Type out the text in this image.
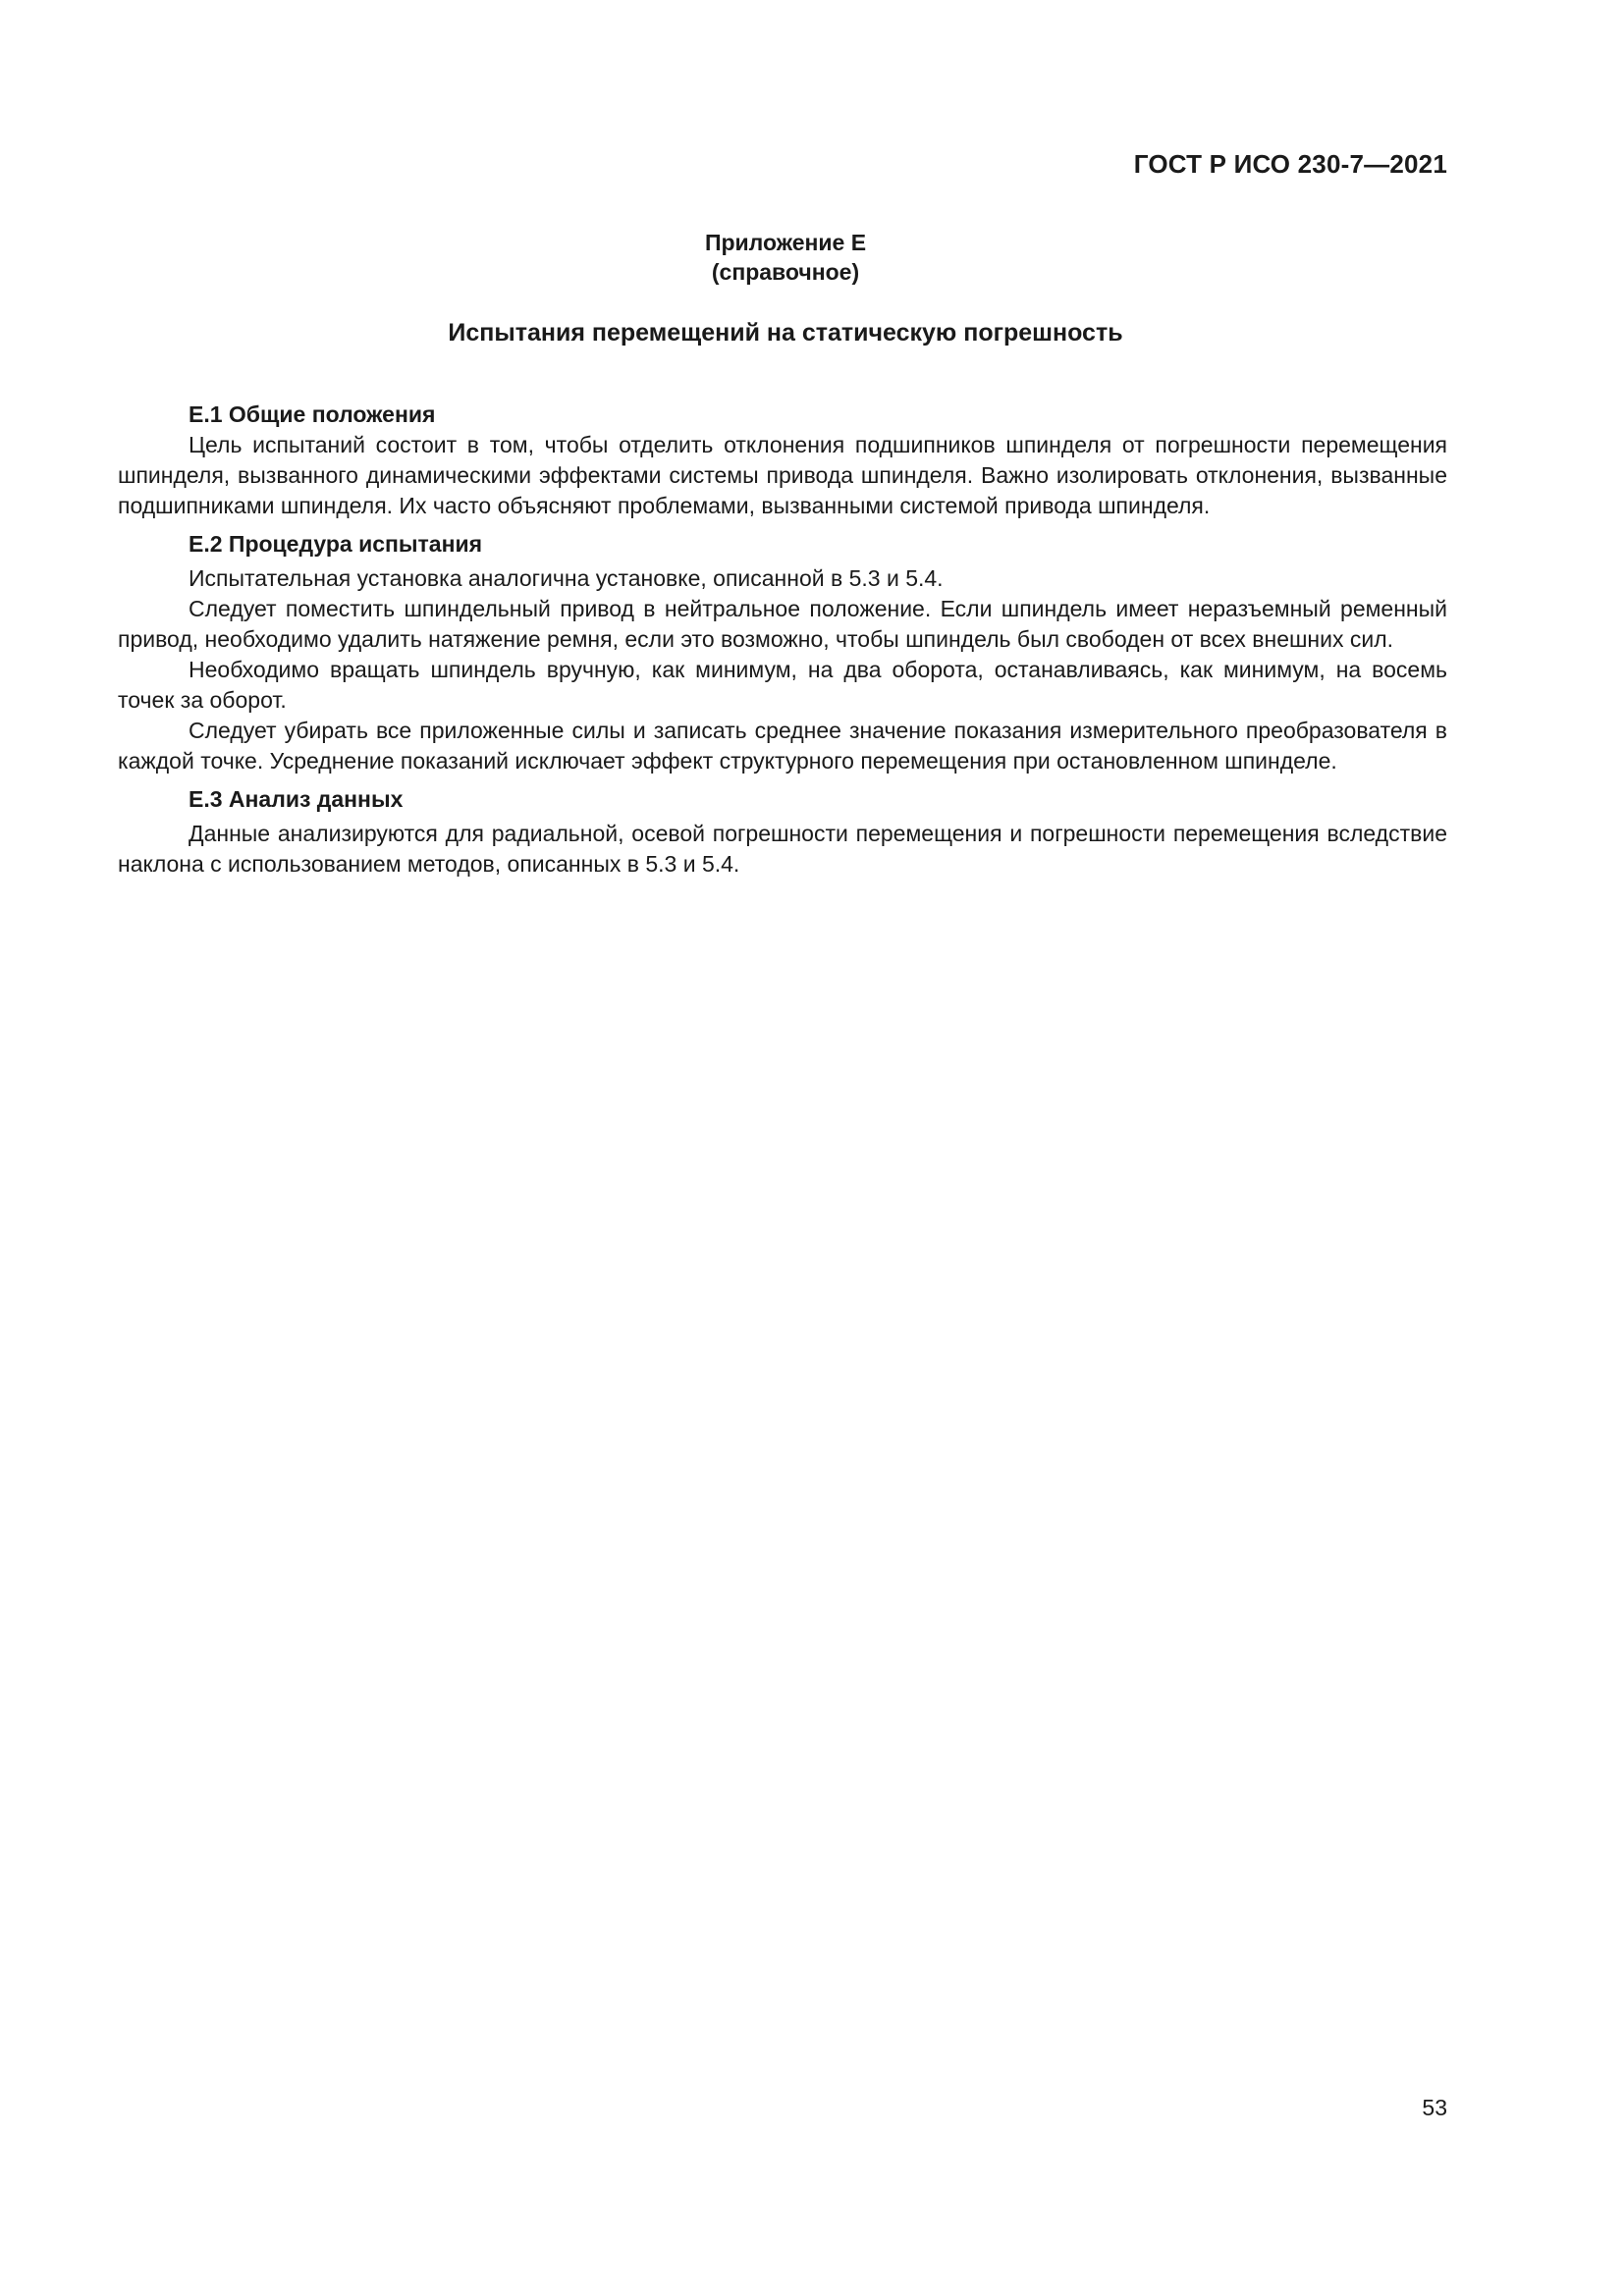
ГОСТ Р ИСО 230-7—2021
Приложение Е
(справочное)
Испытания перемещений на статическую погрешность

Е.1 Общие положения

Цель испытаний состоит в том, чтобы отделить отклонения подшипников шпинделя от погрешности перемещения шпинделя, вызванного динамическими эффектами системы привода шпинделя. Важно изолировать отклонения, вызванные подшипниками шпинделя. Их часто объясняют проблемами, вызванными системой привода шпинделя.

Е.2 Процедура испытания

Испытательная установка аналогична установке, описанной в 5.3 и 5.4.

Следует поместить шпиндельный привод в нейтральное положение. Если шпиндель имеет неразъемный ременный привод, необходимо удалить натяжение ремня, если это возможно, чтобы шпиндель был свободен от всех внешних сил.

Необходимо вращать шпиндель вручную, как минимум, на два оборота, останавливаясь, как минимум, на восемь точек за оборот.

Следует убирать все приложенные силы и записать среднее значение показания измерительного преобразователя в каждой точке. Усреднение показаний исключает эффект структурного перемещения при остановленном шпинделе.

Е.3 Анализ данных

Данные анализируются для радиальной, осевой погрешности перемещения и погрешности перемещения вследствие наклона с использованием методов, описанных в 5.3 и 5.4.

53
